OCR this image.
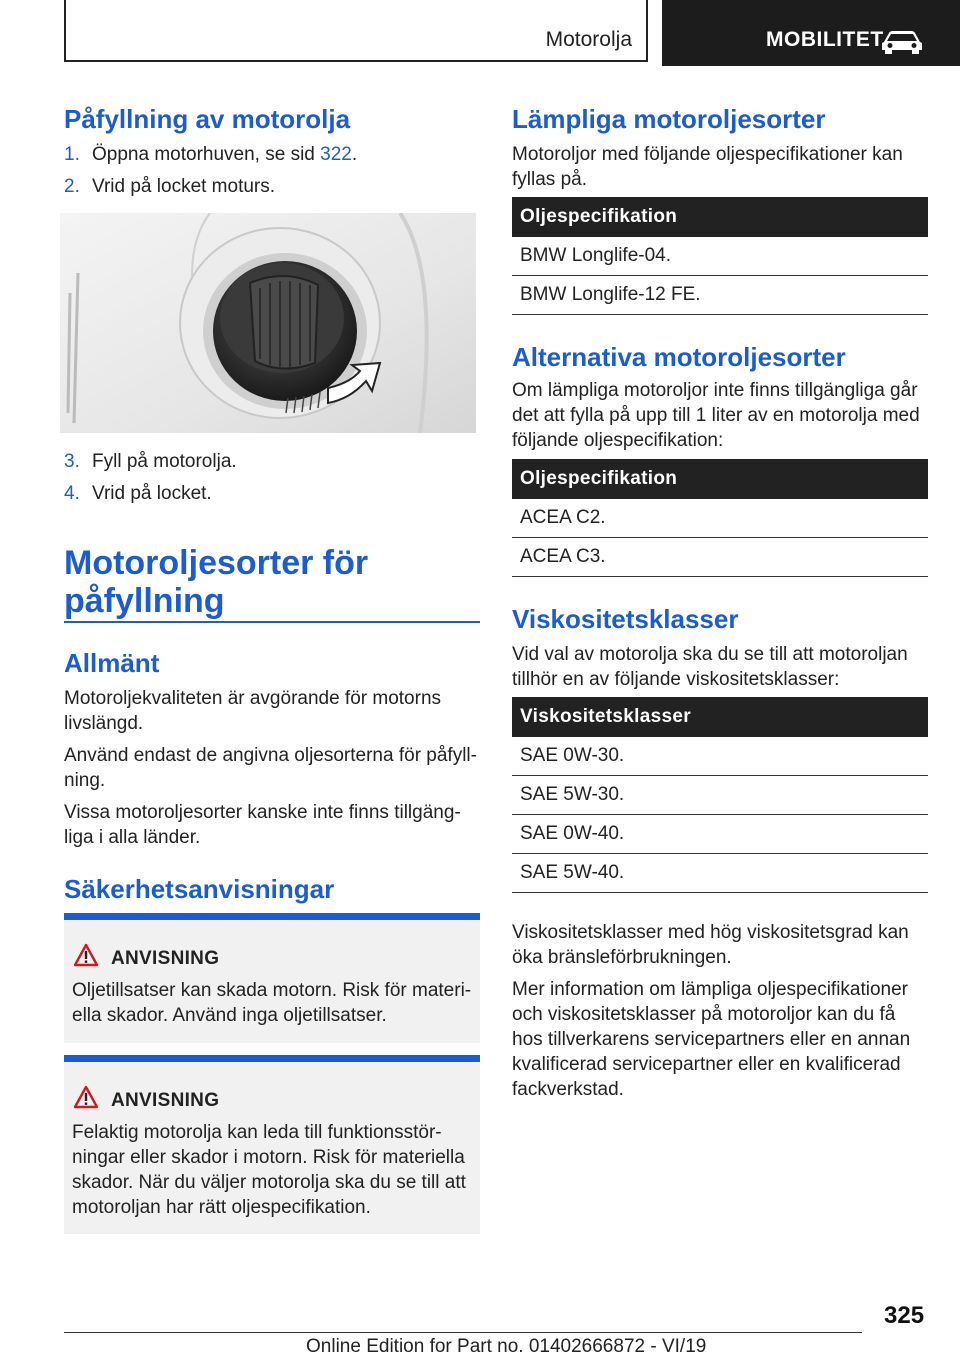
Motorolja	MOBILITET
Påfyllning av motorolja

1. Öppna motorhuven, se sid 322.

2. Vrid på locket moturs.

3. Fyll på motorolja.

4. Vrid på locket.

Motoroljesorter för
påfyllning
Allmänt

Motoroljekvaliteten är avgörande för motorns

livslängd.

Använd endast de angivna oljesorterna för påfyll‐

ning.

Vissa motoroljesorter kanske inte finns tillgäng‐

liga i alla länder.

Säkerhetsanvisningar
ANVISNING
Oljetillsatser kan skada motorn. Risk för materi‐
ella skador. Använd inga oljetillsatser.
ANVISNING
Felaktig motorolja kan leda till funktionsstör‐
ningar eller skador i motorn. Risk för materiella
skador. När du väljer motorolja ska du se till att
motoroljan har rätt oljespecifikation.
Lämpliga motoroljesorter

Motoroljor med följande oljespecifikationer kan

fyllas på.

Oljespecifikation
BMW Longlife-04.
BMW Longlife-12 FE.
Alternativa motoroljesorter

Om lämpliga motoroljor inte finns tillgängliga går

det att fylla på upp till 1 liter av en motorolja med

följande oljespecifikation:

Oljespecifikation
ACEA C2.
ACEA C3.
Viskositetsklasser

Vid val av motorolja ska du se till att motoroljan

tillhör en av följande viskositetsklasser:

Viskositetsklasser
SAE 0W-30.
SAE 5W-30.
SAE 0W-40.
SAE 5W-40.

Viskositetsklasser med hög viskositetsgrad kan

öka bränsleförbrukningen.

Mer information om lämpliga oljespecifikationer

och viskositetsklasser på motoroljor kan du få

hos tillverkarens servicepartners eller en annan

kvalificerad servicepartner eller en kvalificerad

fackverkstad.

325
Online Edition for Part no. 01402666872 - VI/19
